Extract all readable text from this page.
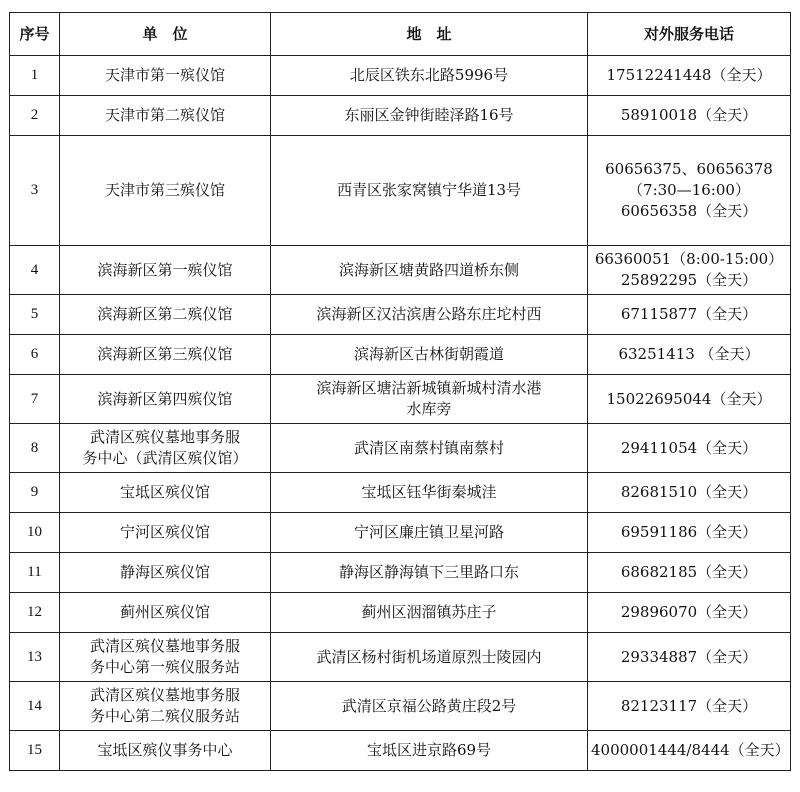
序号	单　位	地　址	对外服务电话
1	天津市第一殡仪馆	北辰区铁东北路5996号	17512241448（全天）

2	天津市第二殡仪馆	东丽区金钟街睦泽路16号	58910018（全天）

3	天津市第三殡仪馆	西青区张家窝镇宁华道13号	60656375、60656378
（7:30—16:00）
60656358（全天）

4	滨海新区第一殡仪馆	滨海新区塘黄路四道桥东侧	66360051（8:00-15:00）
25892295（全天）

5	滨海新区第二殡仪馆	滨海新区汉沽滨唐公路东庄坨村西	67115877（全天）

6	滨海新区第三殡仪馆	滨海新区古林街朝霞道	63251413 （全天）

7	滨海新区第四殡仪馆	滨海新区塘沽新城镇新城村清水港
水库旁	15022695044（全天）

8	武清区殡仪墓地事务服
务中心（武清区殡仪馆）	武清区南蔡村镇南蔡村	29411054（全天）

9	宝坻区殡仪馆	宝坻区钰华街秦城洼	82681510（全天）

10	宁河区殡仪馆	宁河区廉庄镇卫星河路	69591186（全天）

11	静海区殡仪馆	静海区静海镇下三里路口东	68682185（全天）

12	蓟州区殡仪馆	蓟州区洇溜镇苏庄子	29896070（全天）

13	武清区殡仪墓地事务服
务中心第一殡仪服务站	武清区杨村街机场道原烈士陵园内	29334887（全天）

14	武清区殡仪墓地事务服
务中心第二殡仪服务站	武清区京福公路黄庄段2号	82123117（全天）

15	宝坻区殡仪事务中心	宝坻区进京路69号	4000001444/8444（全天）
